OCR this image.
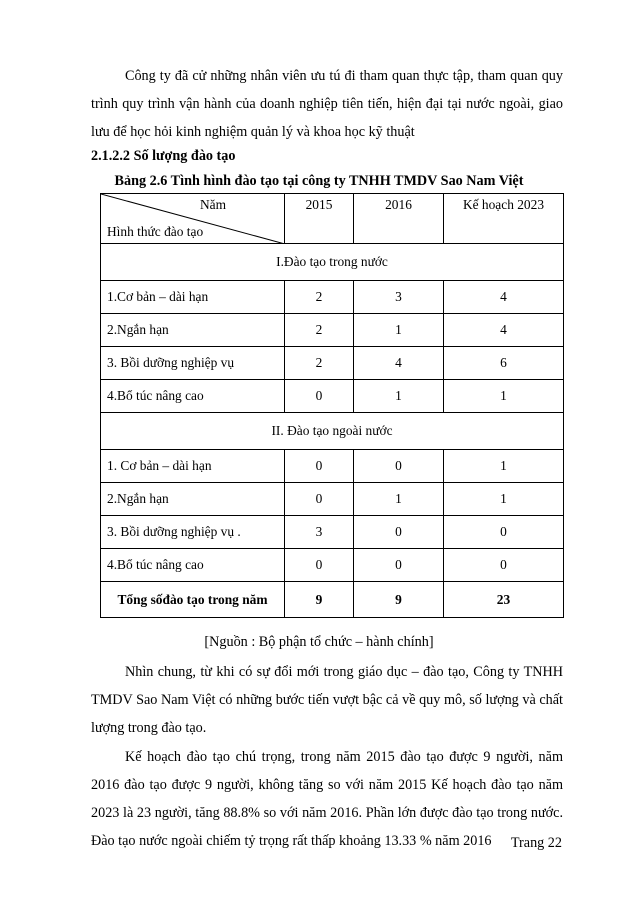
Công ty đã cử những nhân viên ưu tú đi tham quan thực tập, tham quan quy trình quy trình vận hành của doanh nghiệp tiên tiến, hiện đại tại nước ngoài, giao lưu để học hỏi kinh nghiệm quản lý và khoa học kỹ thuật

2.1.2.2 Số lượng đào tạo

Bảng 2.6 Tình hình đào tạo tại công ty TNHH TMDV Sao Nam Việt

Năm
Hình thức đào tạo	2015	2016	Kế hoạch 2023
I.Đào tạo trong nước			
1.Cơ bản – dài hạn	2	3	4
2.Ngắn hạn	2	1	4
3. Bồi dưỡng nghiệp vụ	2	4	6
4.Bổ túc nâng cao	0	1	1
II. Đào tạo ngoài nước			
1. Cơ bản – dài hạn	0	0	1
2.Ngắn hạn	0	1	1
3. Bồi dưỡng nghiệp vụ .	3	0	0
4.Bổ túc nâng cao	0	0	0
Tổng sốđào tạo trong năm	9	9	23

[Nguồn : Bộ phận tổ chức – hành chính]

Nhìn chung, từ khi có sự đổi mới trong giáo dục – đào tạo, Công ty TNHH TMDV Sao Nam Việt có những bước tiến vượt bậc cả về quy mô, số lượng và chất lượng trong đào tạo.

Kế hoạch đào tạo chú trọng, trong năm 2015 đào tạo được 9 người, năm 2016 đào tạo được 9 người, không tăng so với năm 2015 Kế hoạch đào tạo năm 2023 là 23 người, tăng 88.8% so với năm 2016. Phần lớn được đào tạo trong nước. Đào tạo nước ngoài chiếm tỷ trọng rất thấp khoảng 13.33 % năm 2016	Trang 22
